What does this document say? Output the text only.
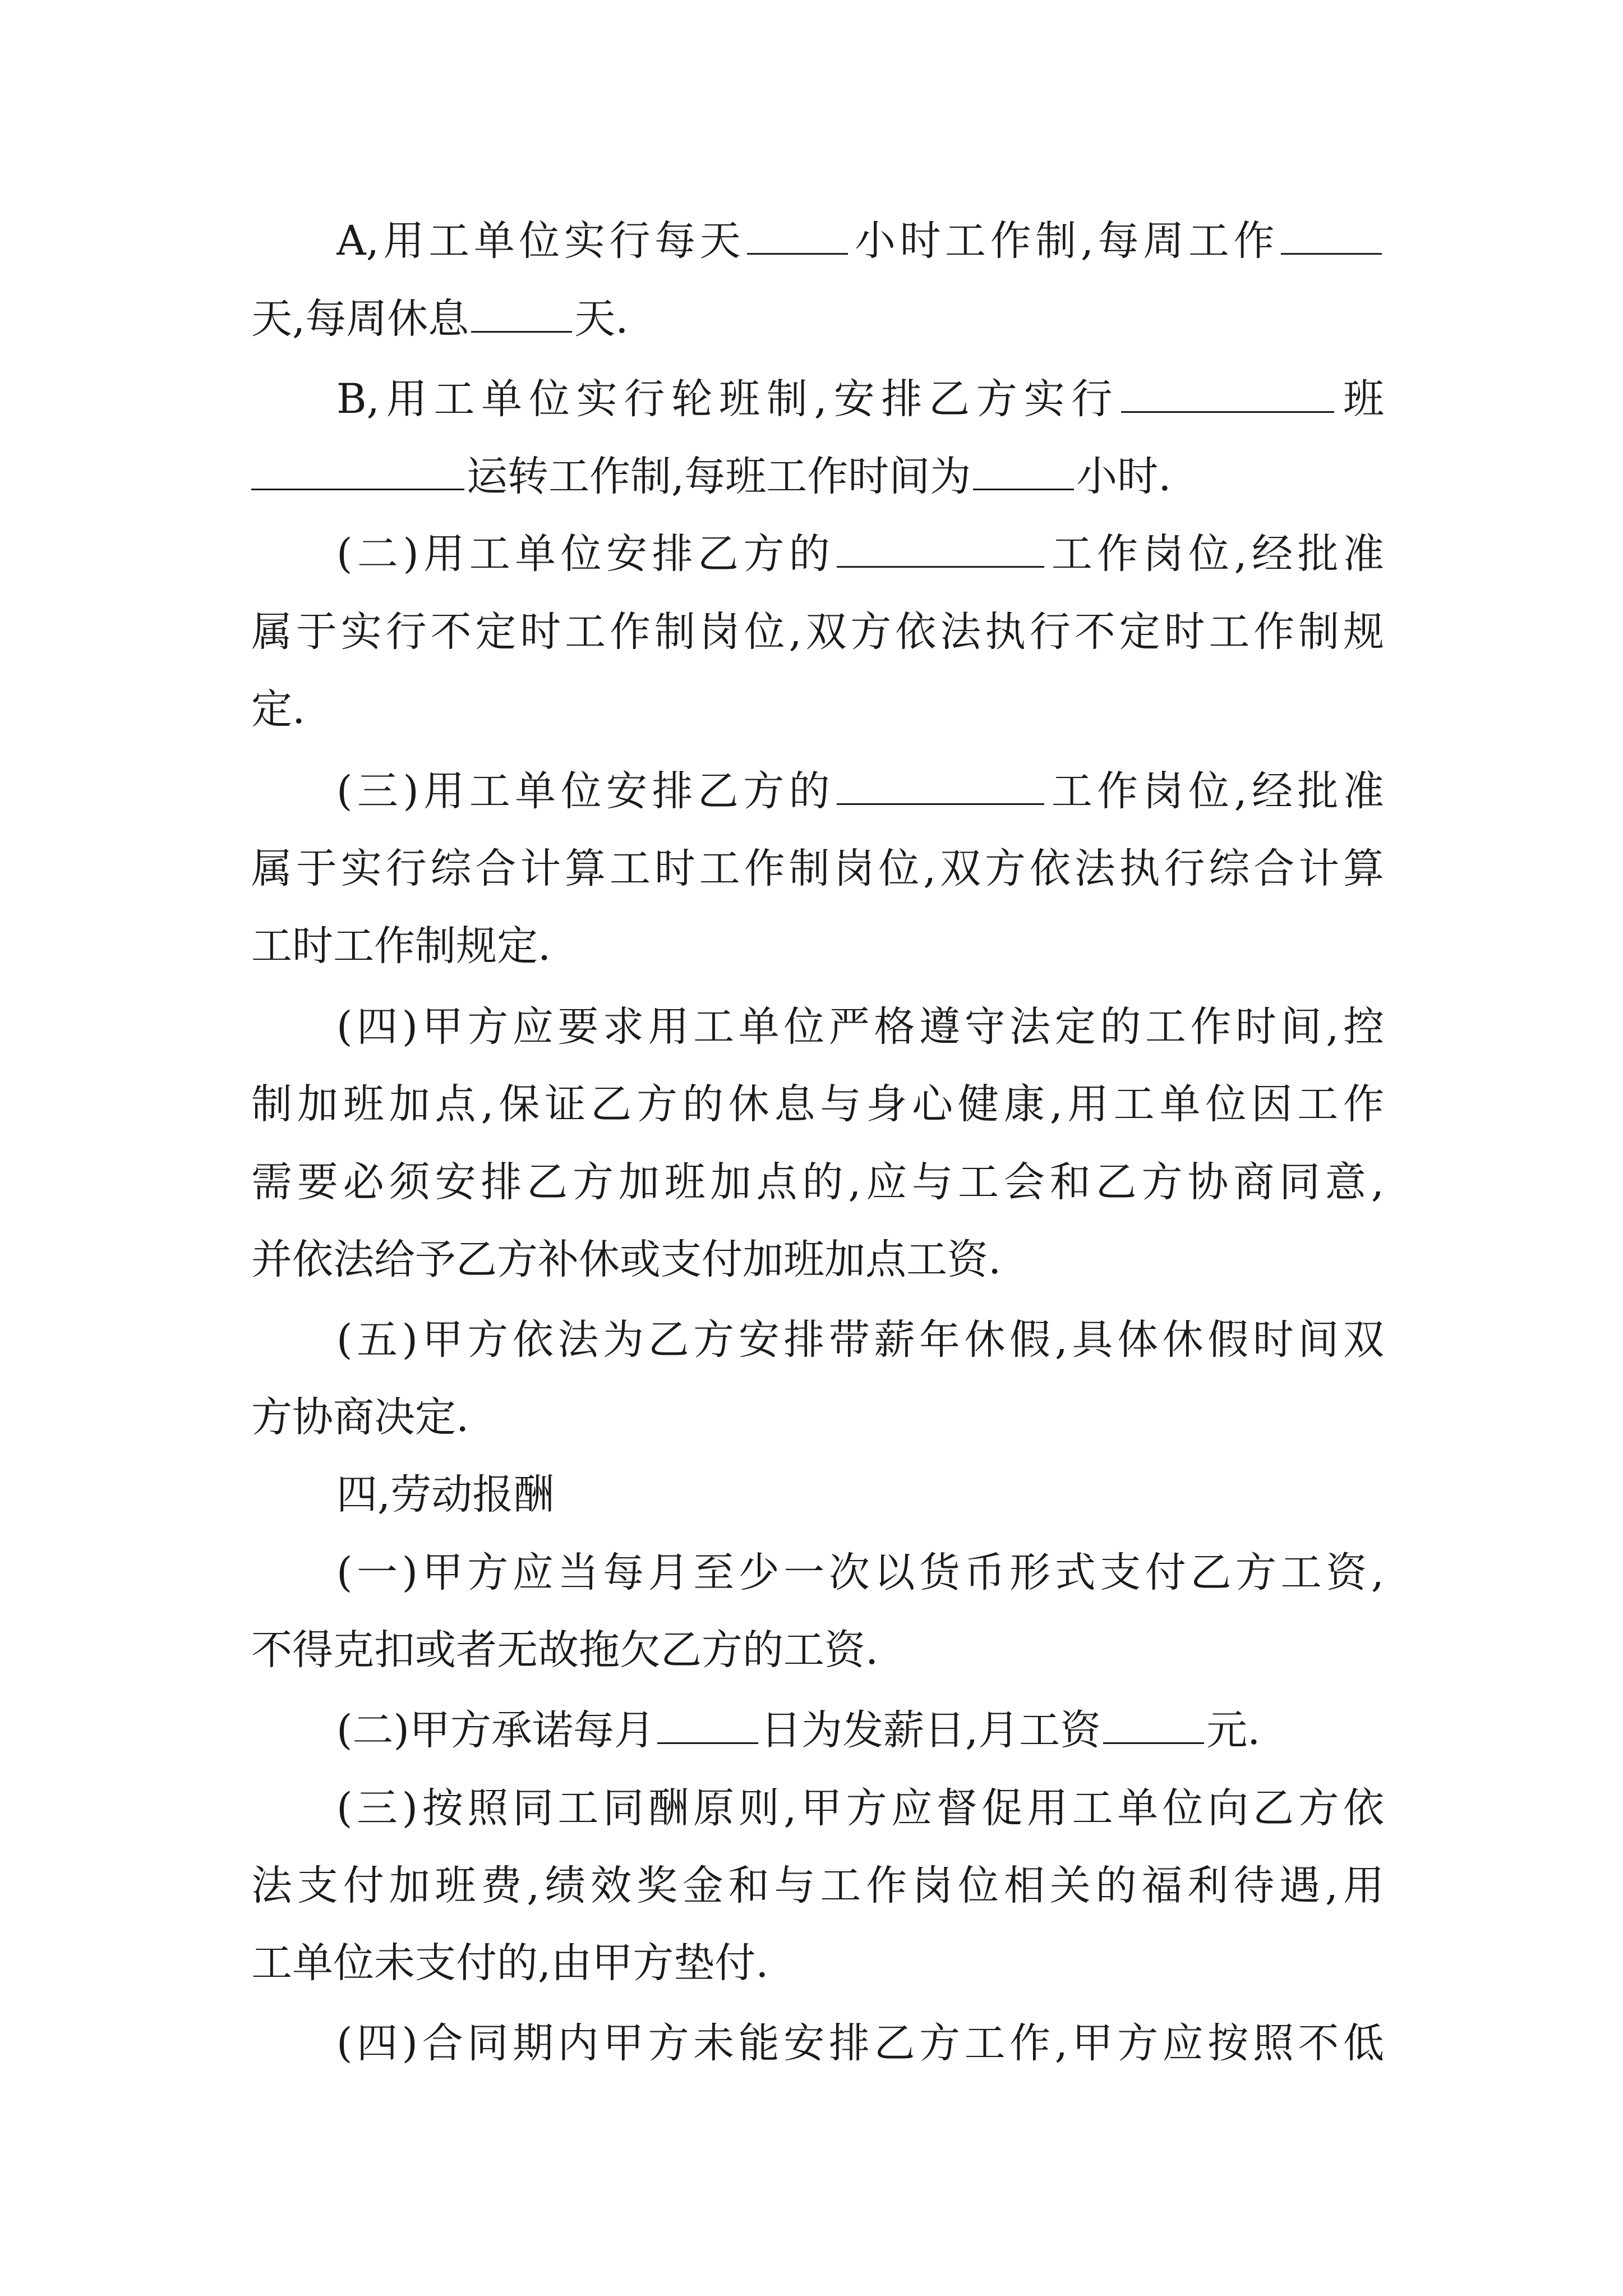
A,用工单位实行每天	小时工作制,每周工作
天,每周休息	天.
B,用工单位实行轮班制,安排乙方实行	班
运转工作制,每班工作时间为	小时.
(二)用工单位安排乙方的	工作岗位,经批准
属于实行不定时工作制岗位,双方依法执行不定时工作制规
定.
(三)用工单位安排乙方的	工作岗位,经批准
属于实行综合计算工时工作制岗位,双方依法执行综合计算
工时工作制规定.
(四)甲方应要求用工单位严格遵守法定的工作时间,控
制加班加点,保证乙方的休息与身心健康,用工单位因工作
需要必须安排乙方加班加点的,应与工会和乙方协商同意,
并依法给予乙方补休或支付加班加点工资.
(五)甲方依法为乙方安排带薪年休假,具体休假时间双
方协商决定.
四,劳动报酬
(一)甲方应当每月至少一次以货币形式支付乙方工资,
不得克扣或者无故拖欠乙方的工资.
(二)甲方承诺每月	日为发薪日,月工资	元.
(三)按照同工同酬原则,甲方应督促用工单位向乙方依
法支付加班费,绩效奖金和与工作岗位相关的福利待遇,用
工单位未支付的,由甲方垫付.
(四)合同期内甲方未能安排乙方工作,甲方应按照不低
